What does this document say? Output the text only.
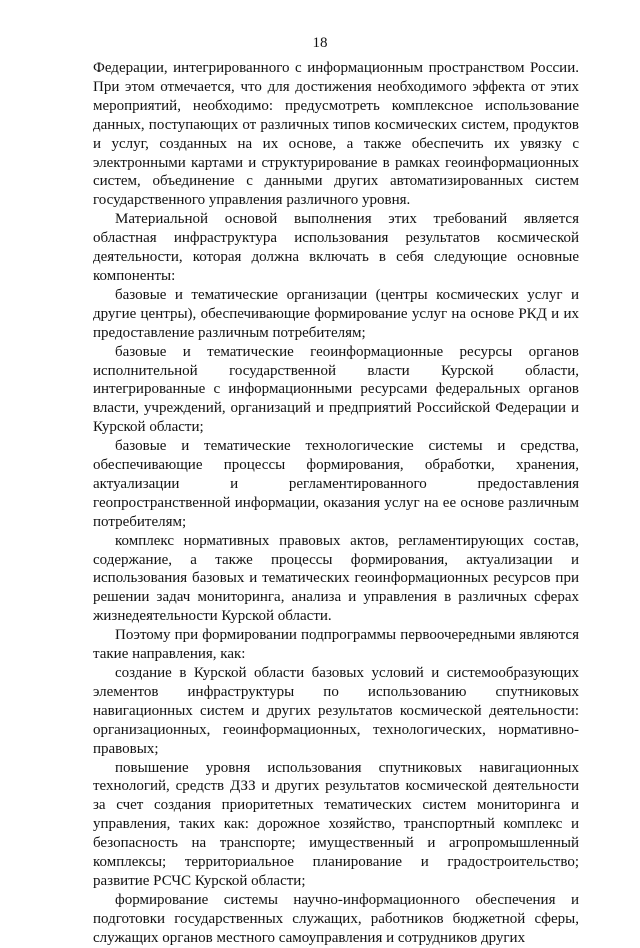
18

Федерации, интегрированного с информационным пространством России. При этом отмечается, что для достижения необходимого эффекта от этих мероприятий, необходимо: предусмотреть комплексное использование данных, поступающих от различных типов космических систем, продуктов и услуг, созданных на их основе, а также обеспечить их увязку с электронными картами и структурирование в рамках геоинформационных систем, объединение с данными других автоматизированных систем государственного управления различного уровня.

Материальной основой выполнения этих требований является областная инфраструктура использования результатов космической деятельности, которая должна включать в себя следующие основные компоненты:

базовые и тематические организации (центры космических услуг и другие центры), обеспечивающие формирование услуг на основе РКД и их предоставление различным потребителям;

базовые и тематические геоинформационные ресурсы органов исполнительной государственной власти Курской области, интегрированные с информационными ресурсами федеральных органов власти, учреждений, организаций и предприятий Российской Федерации и Курской области;

базовые и тематические технологические системы и средства, обеспечивающие процессы формирования, обработки, хранения, актуализации и регламентированного предоставления геопространственной информации, оказания услуг на ее основе различным потребителям;

комплекс нормативных правовых актов, регламентирующих состав, содержание, а также процессы формирования, актуализации и использования базовых и тематических геоинформационных ресурсов при решении задач мониторинга, анализа и управления в различных сферах жизнедеятельности Курской области.

Поэтому при формировании подпрограммы первоочередными являются такие направления, как:

создание в Курской области базовых условий и системообразующих элементов инфраструктуры по использованию спутниковых навигационных систем и других результатов космической деятельности: организационных, геоинформационных, технологических, нормативно-правовых;

повышение уровня использования спутниковых навигационных технологий, средств ДЗЗ и других результатов космической деятельности за счет создания приоритетных тематических систем мониторинга и управления, таких как: дорожное хозяйство, транспортный комплекс и безопасность на транспорте; имущественный и агропромышленный комплексы; территориальное планирование и градостроительство; развитие РСЧС Курской области;

формирование системы научно-информационного обеспечения и подготовки государственных служащих, работников бюджетной сферы, служащих органов местного самоуправления и сотрудников других
